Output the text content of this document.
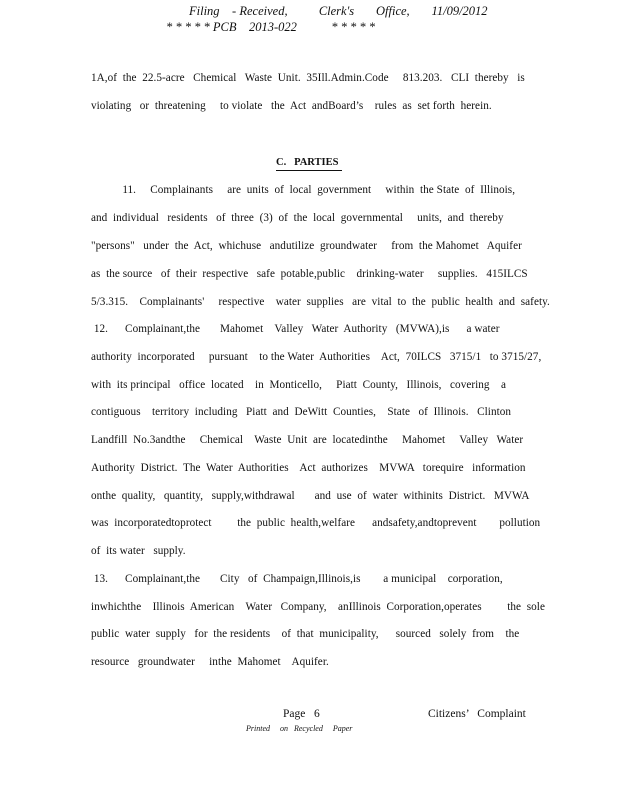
Filing    - Received,          Clerk's       Office,       11/09/2012
* * * * * PCB    2013-022           * * * * *
1A,of  the  22.5-acre   Chemical   Waste  Unit.  35Ill.Admin.Code     813.203.   CLI  thereby   is
violating   or  threatening     to violate   the  Act  andBoard’s    rules  as  set forth  herein.
C.   PARTIES
11.     Complainants     are  units  of  local  government     within  the State  of  Illinois,
and  individual   residents   of  three  (3)  of  the  local  governmental     units,  and  thereby
"persons"   under  the  Act,  whichuse   andutilize  groundwater     from  the Mahomet   Aquifer
as  the source   of  their  respective   safe  potable,public    drinking-water     supplies.   415ILCS
5/3.315.    Complainants'     respective    water  supplies   are  vital  to  the  public  health  and  safety.
12.      Complainant,the       Mahomet    Valley   Water  Authority   (MVWA),is      a water
authority  incorporated     pursuant    to the Water  Authorities    Act,  70ILCS   3715/1   to 3715/27,
with  its principal   office  located    in  Monticello,     Piatt  County,   Illinois,   covering    a
contiguous    territory  including   Piatt  and  DeWitt  Counties,    State   of  Illinois.   Clinton
Landfill  No.3andthe     Chemical    Waste  Unit  are  locatedinthe     Mahomet     Valley   Water
Authority  District.  The  Water  Authorities    Act  authorizes    MVWA   torequire   information
onthe  quality,   quantity,   supply,withdrawal       and  use  of  water  withinits  District.   MVWA
was  incorporatedtoprotect         the  public  health,welfare      andsafety,andtoprevent        pollution
of  its water   supply.
13.      Complainant,the       City   of  Champaign,Illinois,is        a municipal    corporation,
inwhichthe    Illinois  American    Water   Company,    anIllinois  Corporation,operates         the  sole
public  water  supply   for  the residents    of  that  municipality,      sourced   solely  from    the
resource   groundwater     inthe  Mahomet    Aquifer.
Page   6	Citizens’   Complaint
Printed     on   Recycled     Paper
